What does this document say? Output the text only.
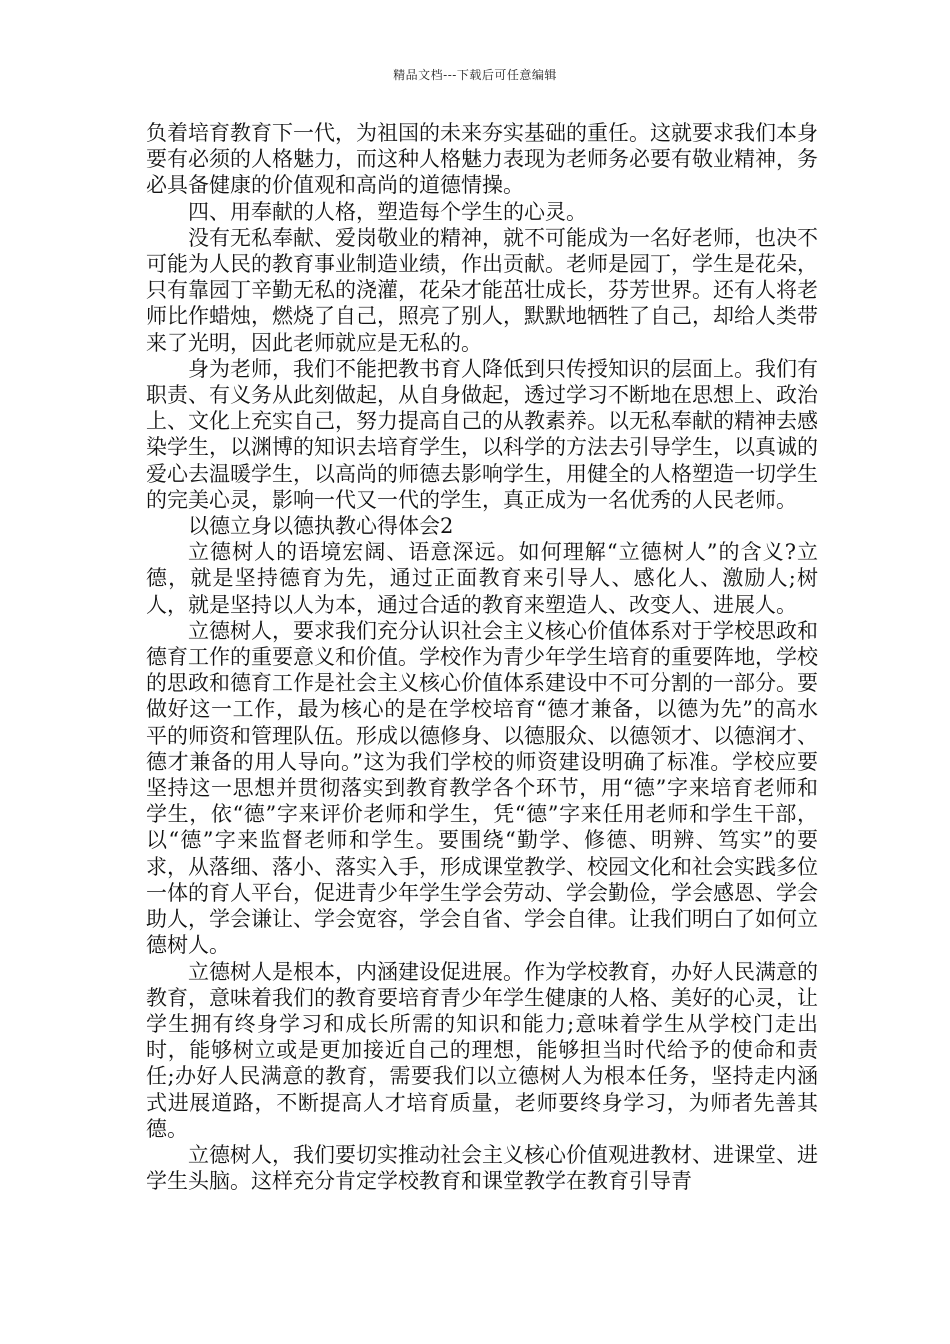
精品文档---下载后可任意编辑

负着培育教育下一代，为祖国的未来夯实基础的重任。这就要求我们本身要有必须的人格魅力，而这种人格魅力表现为老师务必要有敬业精神，务必具备健康的价值观和高尚的道德情操。

四、用奉献的人格，塑造每个学生的心灵。

没有无私奉献、爱岗敬业的精神，就不可能成为一名好老师，也决不可能为人民的教育事业制造业绩，作出贡献。老师是园丁，学生是花朵，只有靠园丁辛勤无私的浇灌，花朵才能茁壮成长，芬芳世界。还有人将老师比作蜡烛，燃烧了自己，照亮了别人，默默地牺牲了自己，却给人类带来了光明，因此老师就应是无私的。

身为老师，我们不能把教书育人降低到只传授知识的层面上。我们有职责、有义务从此刻做起，从自身做起，透过学习不断地在思想上、政治上、文化上充实自己，努力提高自己的从教素养。以无私奉献的精神去感染学生，以渊博的知识去培育学生，以科学的方法去引导学生，以真诚的爱心去温暖学生，以高尚的师德去影响学生，用健全的人格塑造一切学生的完美心灵，影响一代又一代的学生，真正成为一名优秀的人民老师。

以德立身以德执教心得体会2

立德树人的语境宏阔、语意深远。如何理解“立德树人”的含义?立德，就是坚持德育为先，通过正面教育来引导人、感化人、激励人;树人，就是坚持以人为本，通过合适的教育来塑造人、改变人、进展人。

立德树人，要求我们充分认识社会主义核心价值体系对于学校思政和德育工作的重要意义和价值。学校作为青少年学生培育的重要阵地，学校的思政和德育工作是社会主义核心价值体系建设中不可分割的一部分。要做好这一工作，最为核心的是在学校培育“德才兼备，以德为先”的高水平的师资和管理队伍。形成以德修身、以德服众、以德领才、以德润才、德才兼备的用人导向。”这为我们学校的师资建设明确了标准。学校应要坚持这一思想并贯彻落实到教育教学各个环节，用“德”字来培育老师和学生，依“德”字来评价老师和学生，凭“德”字来任用老师和学生干部，以“德”字来监督老师和学生。要围绕“勤学、修德、明辨、笃实”的要求，从落细、落小、落实入手，形成课堂教学、校园文化和社会实践多位一体的育人平台，促进青少年学生学会劳动、学会勤俭，学会感恩、学会助人，学会谦让、学会宽容，学会自省、学会自律。让我们明白了如何立德树人。

立德树人是根本，内涵建设促进展。作为学校教育，办好人民满意的教育，意味着我们的教育要培育青少年学生健康的人格、美好的心灵，让学生拥有终身学习和成长所需的知识和能力;意味着学生从学校门走出时，能够树立或是更加接近自己的理想，能够担当时代给予的使命和责任;办好人民满意的教育，需要我们以立德树人为根本任务，坚持走内涵式进展道路，不断提高人才培育质量，老师要终身学习，为师者先善其德。

立德树人，我们要切实推动社会主义核心价值观进教材、进课堂、进学生头脑。这样充分肯定学校教育和课堂教学在教育引导青
